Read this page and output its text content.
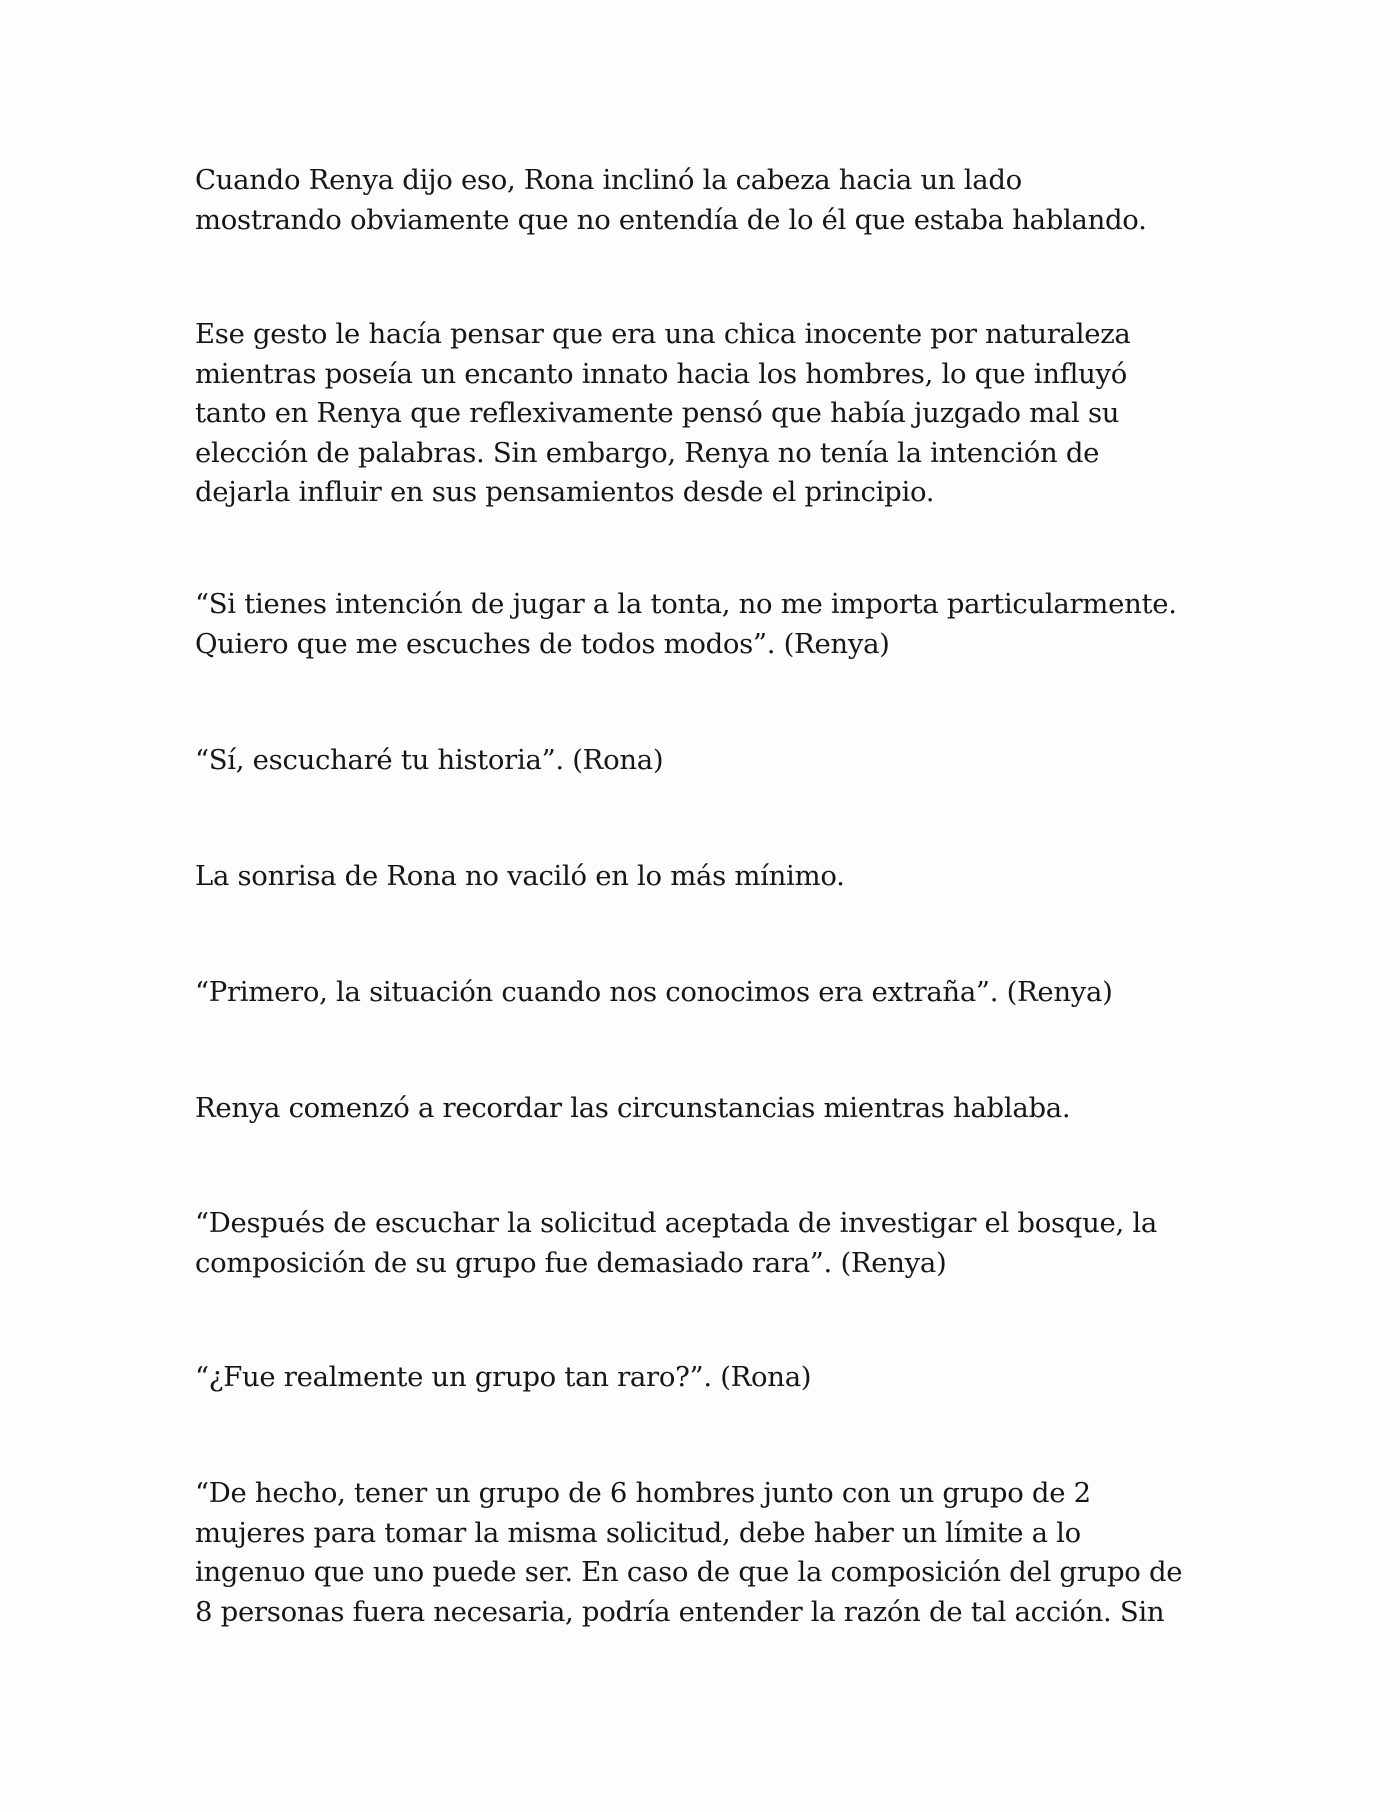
Cuando Renya dijo eso, Rona inclinó la cabeza hacia un lado
mostrando obviamente que no entendía de lo él que estaba hablando.

Ese gesto le hacía pensar que era una chica inocente por naturaleza
mientras poseía un encanto innato hacia los hombres, lo que influyó
tanto en Renya que reflexivamente pensó que había juzgado mal su
elección de palabras. Sin embargo, Renya no tenía la intención de
dejarla influir en sus pensamientos desde el principio.

“Si tienes intención de jugar a la tonta, no me importa particularmente.
Quiero que me escuches de todos modos”. (Renya)

“Sí, escucharé tu historia”. (Rona)

La sonrisa de Rona no vaciló en lo más mínimo.

“Primero, la situación cuando nos conocimos era extraña”. (Renya)

Renya comenzó a recordar las circunstancias mientras hablaba.

“Después de escuchar la solicitud aceptada de investigar el bosque, la
composición de su grupo fue demasiado rara”. (Renya)

“¿Fue realmente un grupo tan raro?”. (Rona)

“De hecho, tener un grupo de 6 hombres junto con un grupo de 2
mujeres para tomar la misma solicitud, debe haber un límite a lo
ingenuo que uno puede ser. En caso de que la composición del grupo de
8 personas fuera necesaria, podría entender la razón de tal acción. Sin
